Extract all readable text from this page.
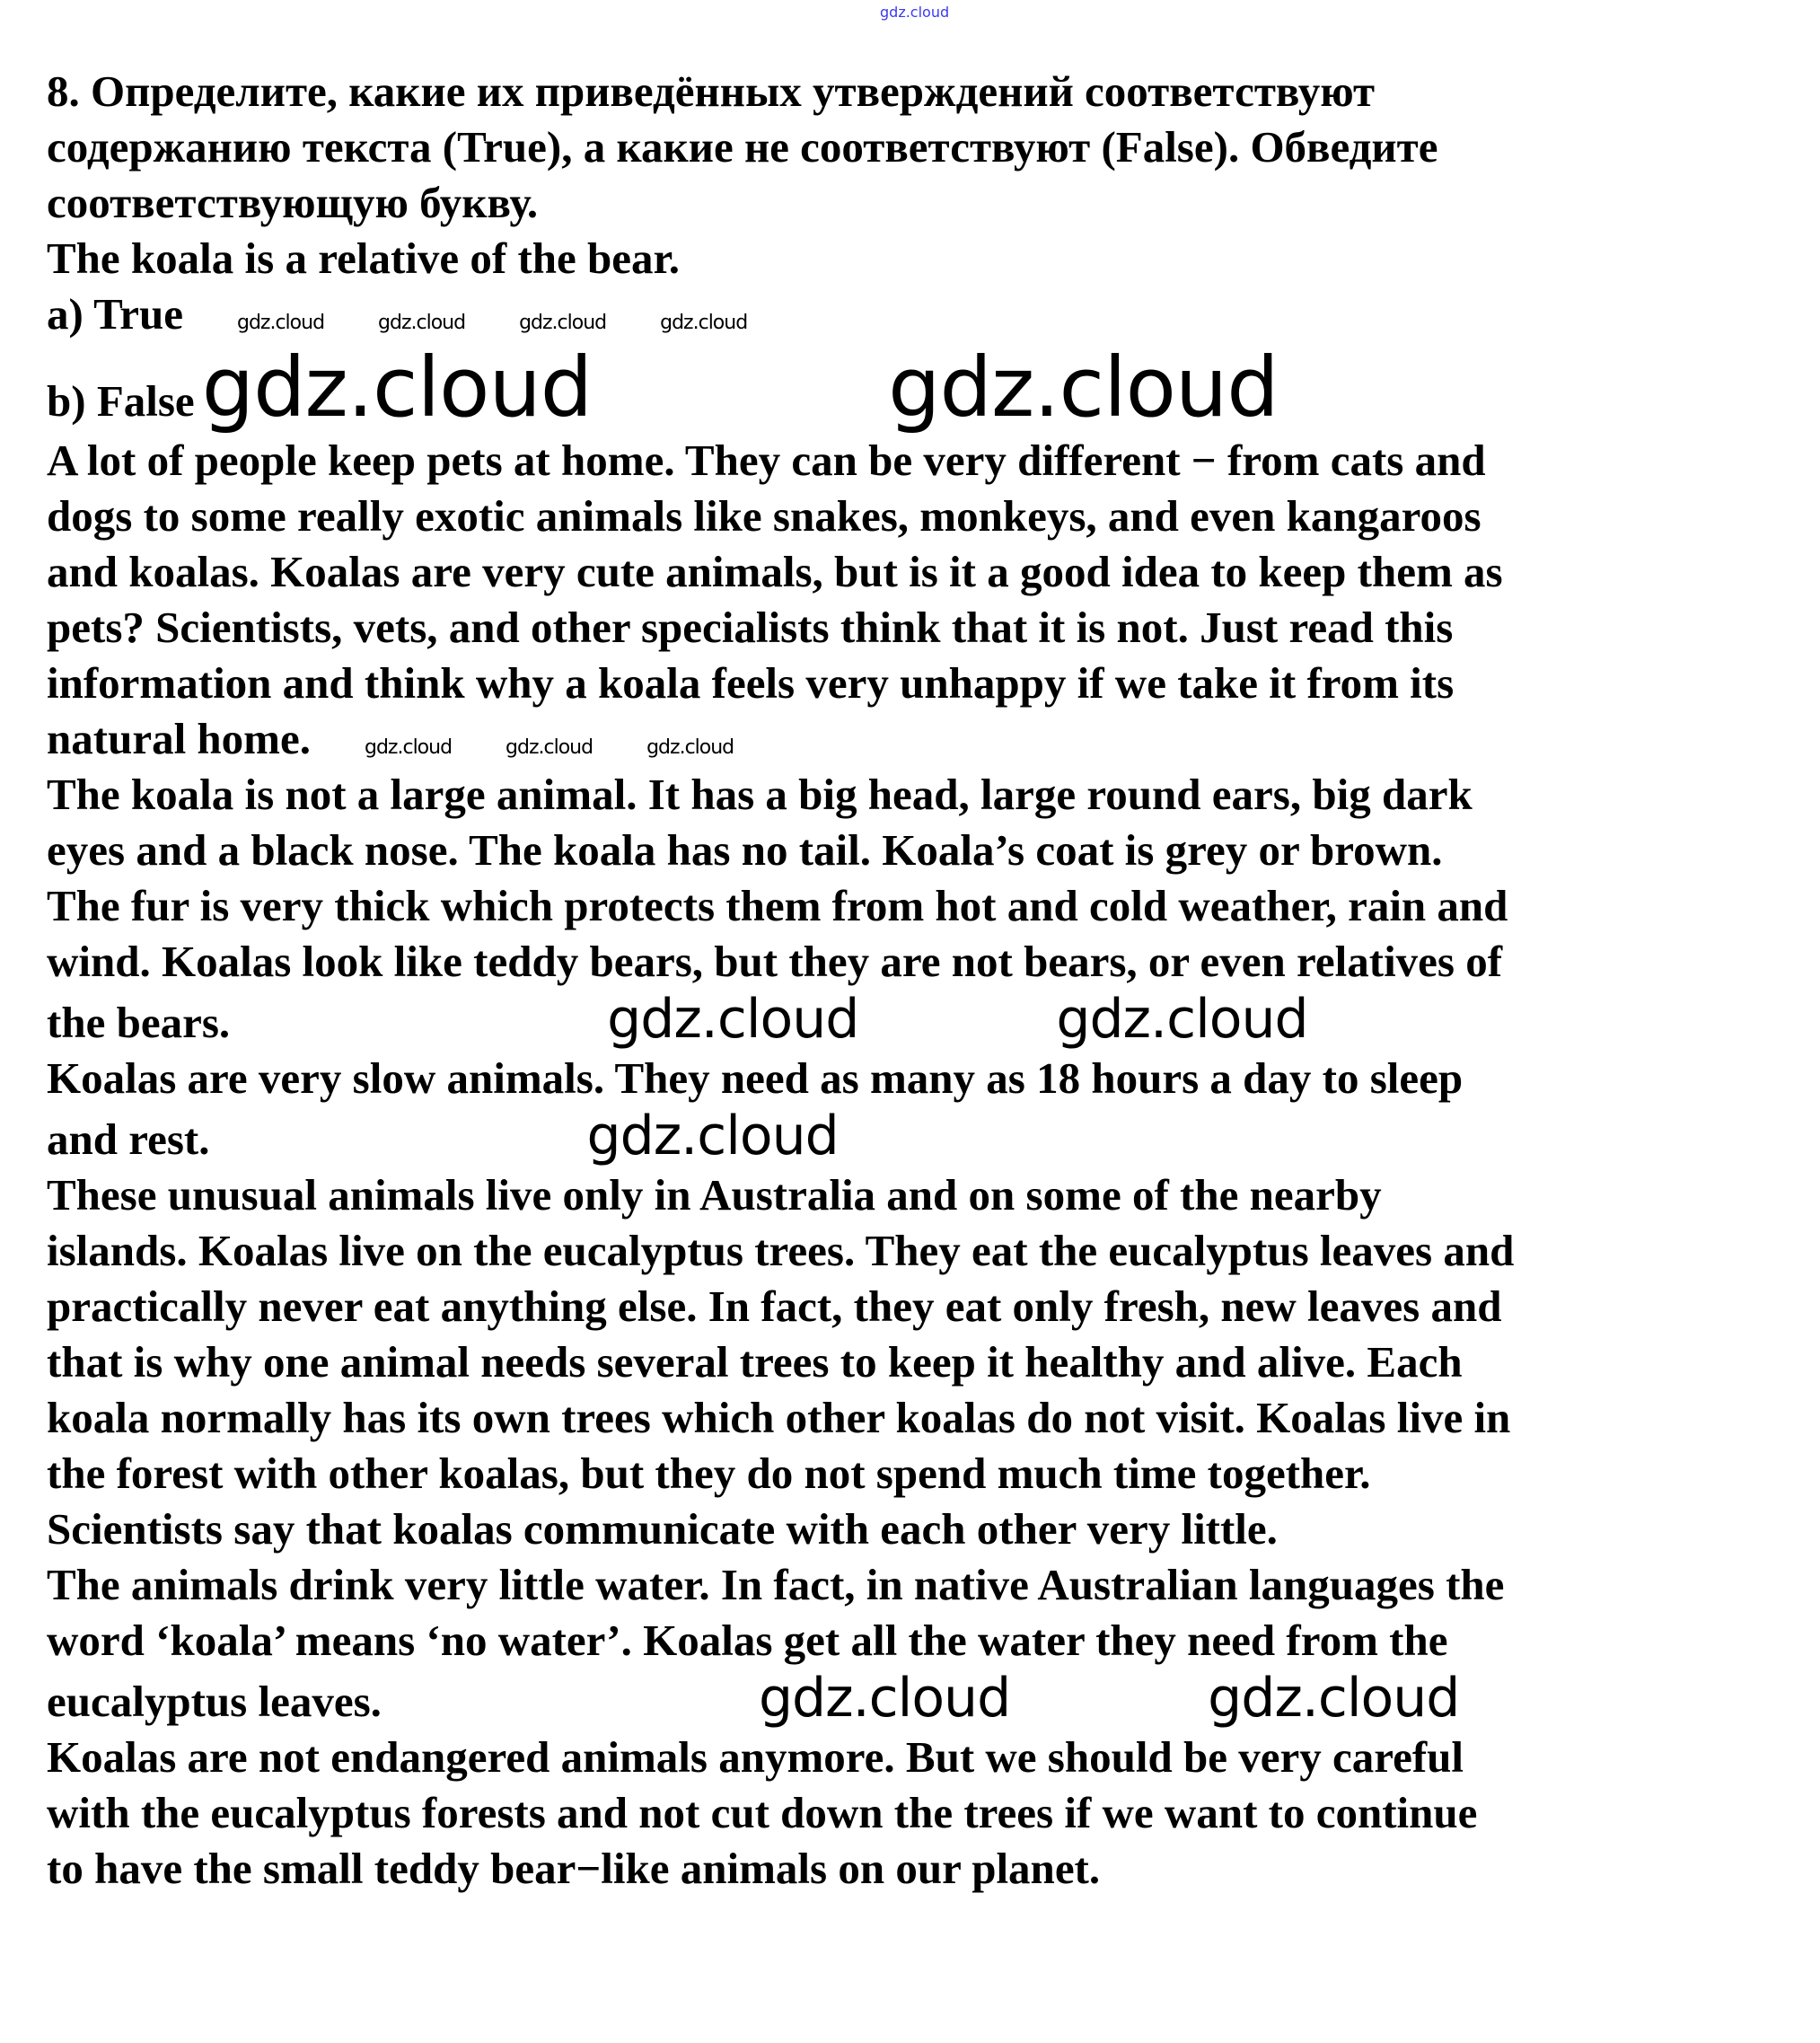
gdz.cloud
8. Определите, какие их приведённых утверждений соответствуют
содержанию текста (True), а какие не соответствуют (False). Обведите
соответствующую букву.
The koala is a relative of the bear.
a) True	gdz.cloud	gdz.cloud	gdz.cloud	gdz.cloud
b) Falsegdz.cloud	gdz.cloud
A lot of people keep pets at home. They can be very different − from cats and
dogs to some really exotic animals like snakes, monkeys, and even kangaroos
and koalas. Koalas are very cute animals, but is it a good idea to keep them as
pets? Scientists, vets, and other specialists think that it is not. Just read this
information and think why a koala feels very unhappy if we take it from its
natural home.	gdz.cloud	gdz.cloud	gdz.cloud
The koala is not a large animal. It has a big head, large round ears, big dark
eyes and a black nose. The koala has no tail. Koala’s coat is grey or brown.
The fur is very thick which protects them from hot and cold weather, rain and
wind. Koalas look like teddy bears, but they are not bears, or even relatives of
the bears.	gdz.cloud	gdz.cloud
Koalas are very slow animals. They need as many as 18 hours a day to sleep
and rest.	gdz.cloud
These unusual animals live only in Australia and on some of the nearby
islands. Koalas live on the eucalyptus trees. They eat the eucalyptus leaves and
practically never eat anything else. In fact, they eat only fresh, new leaves and
that is why one animal needs several trees to keep it healthy and alive. Each
koala normally has its own trees which other koalas do not visit. Koalas live in
the forest with other koalas, but they do not spend much time together.
Scientists say that koalas communicate with each other very little.
The animals drink very little water. In fact, in native Australian languages the
word ‘koala’ means ‘no water’. Koalas get all the water they need from the
eucalyptus leaves.	gdz.cloud	gdz.cloud
Koalas are not endangered animals anymore. But we should be very careful
with the eucalyptus forests and not cut down the trees if we want to continue
to have the small teddy bear−like animals on our planet.
